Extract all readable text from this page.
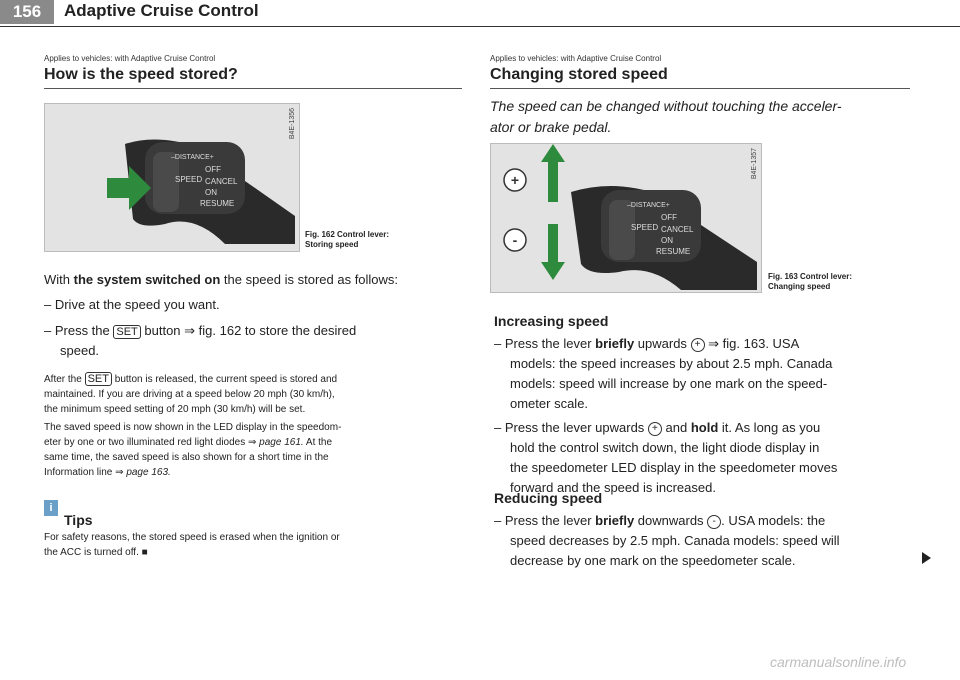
156	Adaptive Cruise Control
Applies to vehicles: with Adaptive Cruise Control
How is the speed stored?
–DISTANCE+
OFF
SPEED CANCEL
ON
RESUME
B4E-1356
Fig. 162 Control lever:
Storing speed
With the system switched on the speed is stored as follows:
– Drive at the speed you want.
– Press the SET button ⇒ fig. 162 to store the desired
speed.
After the SET button is released, the current speed is stored and
maintained. If you are driving at a speed below 20 mph (30 km/h),
the minimum speed setting of 20 mph (30 km/h) will be set.
The saved speed is now shown in the LED display in the speedom-
eter by one or two illuminated red light diodes ⇒ page 161. At the
same time, the saved speed is also shown for a short time in the
Information line ⇒ page 163.
i
Tips
For safety reasons, the stored speed is erased when the ignition or
the ACC is turned off. ■
Applies to vehicles: with Adaptive Cruise Control
Changing stored speed
The speed can be changed without touching the acceler-
ator or brake pedal.
+
-
–DISTANCE+
OFF
SPEED CANCEL
ON
RESUME
B4E-1357
Fig. 163 Control lever:
Changing speed
Increasing speed
– Press the lever briefly upwards + ⇒ fig. 163. USA
models: the speed increases by about 2.5 mph. Canada
models: speed will increase by one mark on the speed-
ometer scale.
– Press the lever upwards + and hold it. As long as you
hold the control switch down, the light diode display in
the speedometer LED display in the speedometer moves
forward and the speed is increased.
Reducing speed
– Press the lever briefly downwards - . USA models: the
speed decreases by 2.5 mph. Canada models: speed will
decrease by one mark on the speedometer scale.
carmanualsonline.info
